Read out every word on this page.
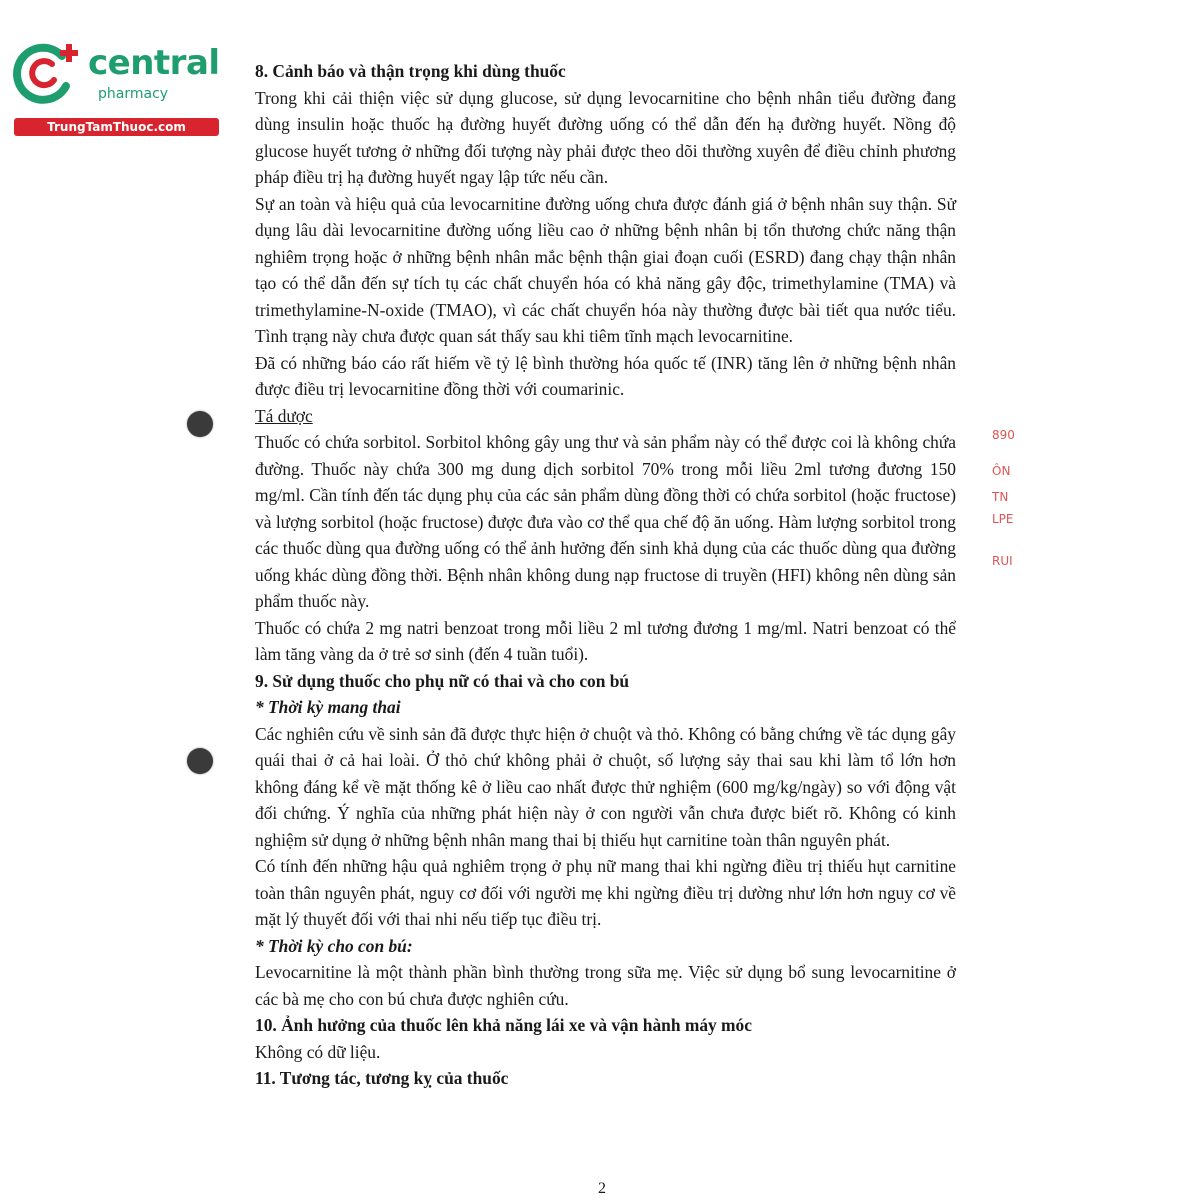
central
pharmacy
TrungTamThuoc.com

8. Cảnh báo và thận trọng khi dùng thuốc

Trong khi cải thiện việc sử dụng glucose, sử dụng levocarnitine cho bệnh nhân tiểu đường đang dùng insulin hoặc thuốc hạ đường huyết đường uống có thể dẫn đến hạ đường huyết. Nồng độ glucose huyết tương ở những đối tượng này phải được theo dõi thường xuyên để điều chỉnh phương pháp điều trị hạ đường huyết ngay lập tức nếu cần.

Sự an toàn và hiệu quả của levocarnitine đường uống chưa được đánh giá ở bệnh nhân suy thận. Sử dụng lâu dài levocarnitine đường uống liều cao ở những bệnh nhân bị tổn thương chức năng thận nghiêm trọng hoặc ở những bệnh nhân mắc bệnh thận giai đoạn cuối (ESRD) đang chạy thận nhân tạo có thể dẫn đến sự tích tụ các chất chuyển hóa có khả năng gây độc, trimethylamine (TMA) và trimethylamine-N-oxide (TMAO), vì các chất chuyển hóa này thường được bài tiết qua nước tiểu. Tình trạng này chưa được quan sát thấy sau khi tiêm tĩnh mạch levocarnitine.

Đã có những báo cáo rất hiếm về tỷ lệ bình thường hóa quốc tế (INR) tăng lên ở những bệnh nhân được điều trị levocarnitine đồng thời với coumarinic.

Tá dược

Thuốc có chứa sorbitol. Sorbitol không gây ung thư và sản phẩm này có thể được coi là không chứa đường. Thuốc này chứa 300 mg dung dịch sorbitol 70% trong mỗi liều 2ml tương đương 150 mg/ml. Cần tính đến tác dụng phụ của các sản phẩm dùng đồng thời có chứa sorbitol (hoặc fructose) và lượng sorbitol (hoặc fructose) được đưa vào cơ thể qua chế độ ăn uống. Hàm lượng sorbitol trong các thuốc dùng qua đường uống có thể ảnh hưởng đến sinh khả dụng của các thuốc dùng qua đường uống khác dùng đồng thời. Bệnh nhân không dung nạp fructose di truyền (HFI) không nên dùng sản phẩm thuốc này.

Thuốc có chứa 2 mg natri benzoat trong mỗi liều 2 ml tương đương 1 mg/ml. Natri benzoat có thể làm tăng vàng da ở trẻ sơ sinh (đến 4 tuần tuổi).

9. Sử dụng thuốc cho phụ nữ có thai và cho con bú

* Thời kỳ mang thai

Các nghiên cứu về sinh sản đã được thực hiện ở chuột và thỏ. Không có bằng chứng về tác dụng gây quái thai ở cả hai loài. Ở thỏ chứ không phải ở chuột, số lượng sảy thai sau khi làm tổ lớn hơn không đáng kể về mặt thống kê ở liều cao nhất được thử nghiệm (600 mg/kg/ngày) so với động vật đối chứng. Ý nghĩa của những phát hiện này ở con người vẫn chưa được biết rõ. Không có kinh nghiệm sử dụng ở những bệnh nhân mang thai bị thiếu hụt carnitine toàn thân nguyên phát.

Có tính đến những hậu quả nghiêm trọng ở phụ nữ mang thai khi ngừng điều trị thiếu hụt carnitine toàn thân nguyên phát, nguy cơ đối với người mẹ khi ngừng điều trị dường như lớn hơn nguy cơ về mặt lý thuyết đối với thai nhi nếu tiếp tục điều trị.

* Thời kỳ cho con bú:

Levocarnitine là một thành phần bình thường trong sữa mẹ. Việc sử dụng bổ sung levocarnitine ở các bà mẹ cho con bú chưa được nghiên cứu.

10. Ảnh hưởng của thuốc lên khả năng lái xe và vận hành máy móc

Không có dữ liệu.

11. Tương tác, tương kỵ của thuốc

890
ÔN
TN
LPE
RUI
2
